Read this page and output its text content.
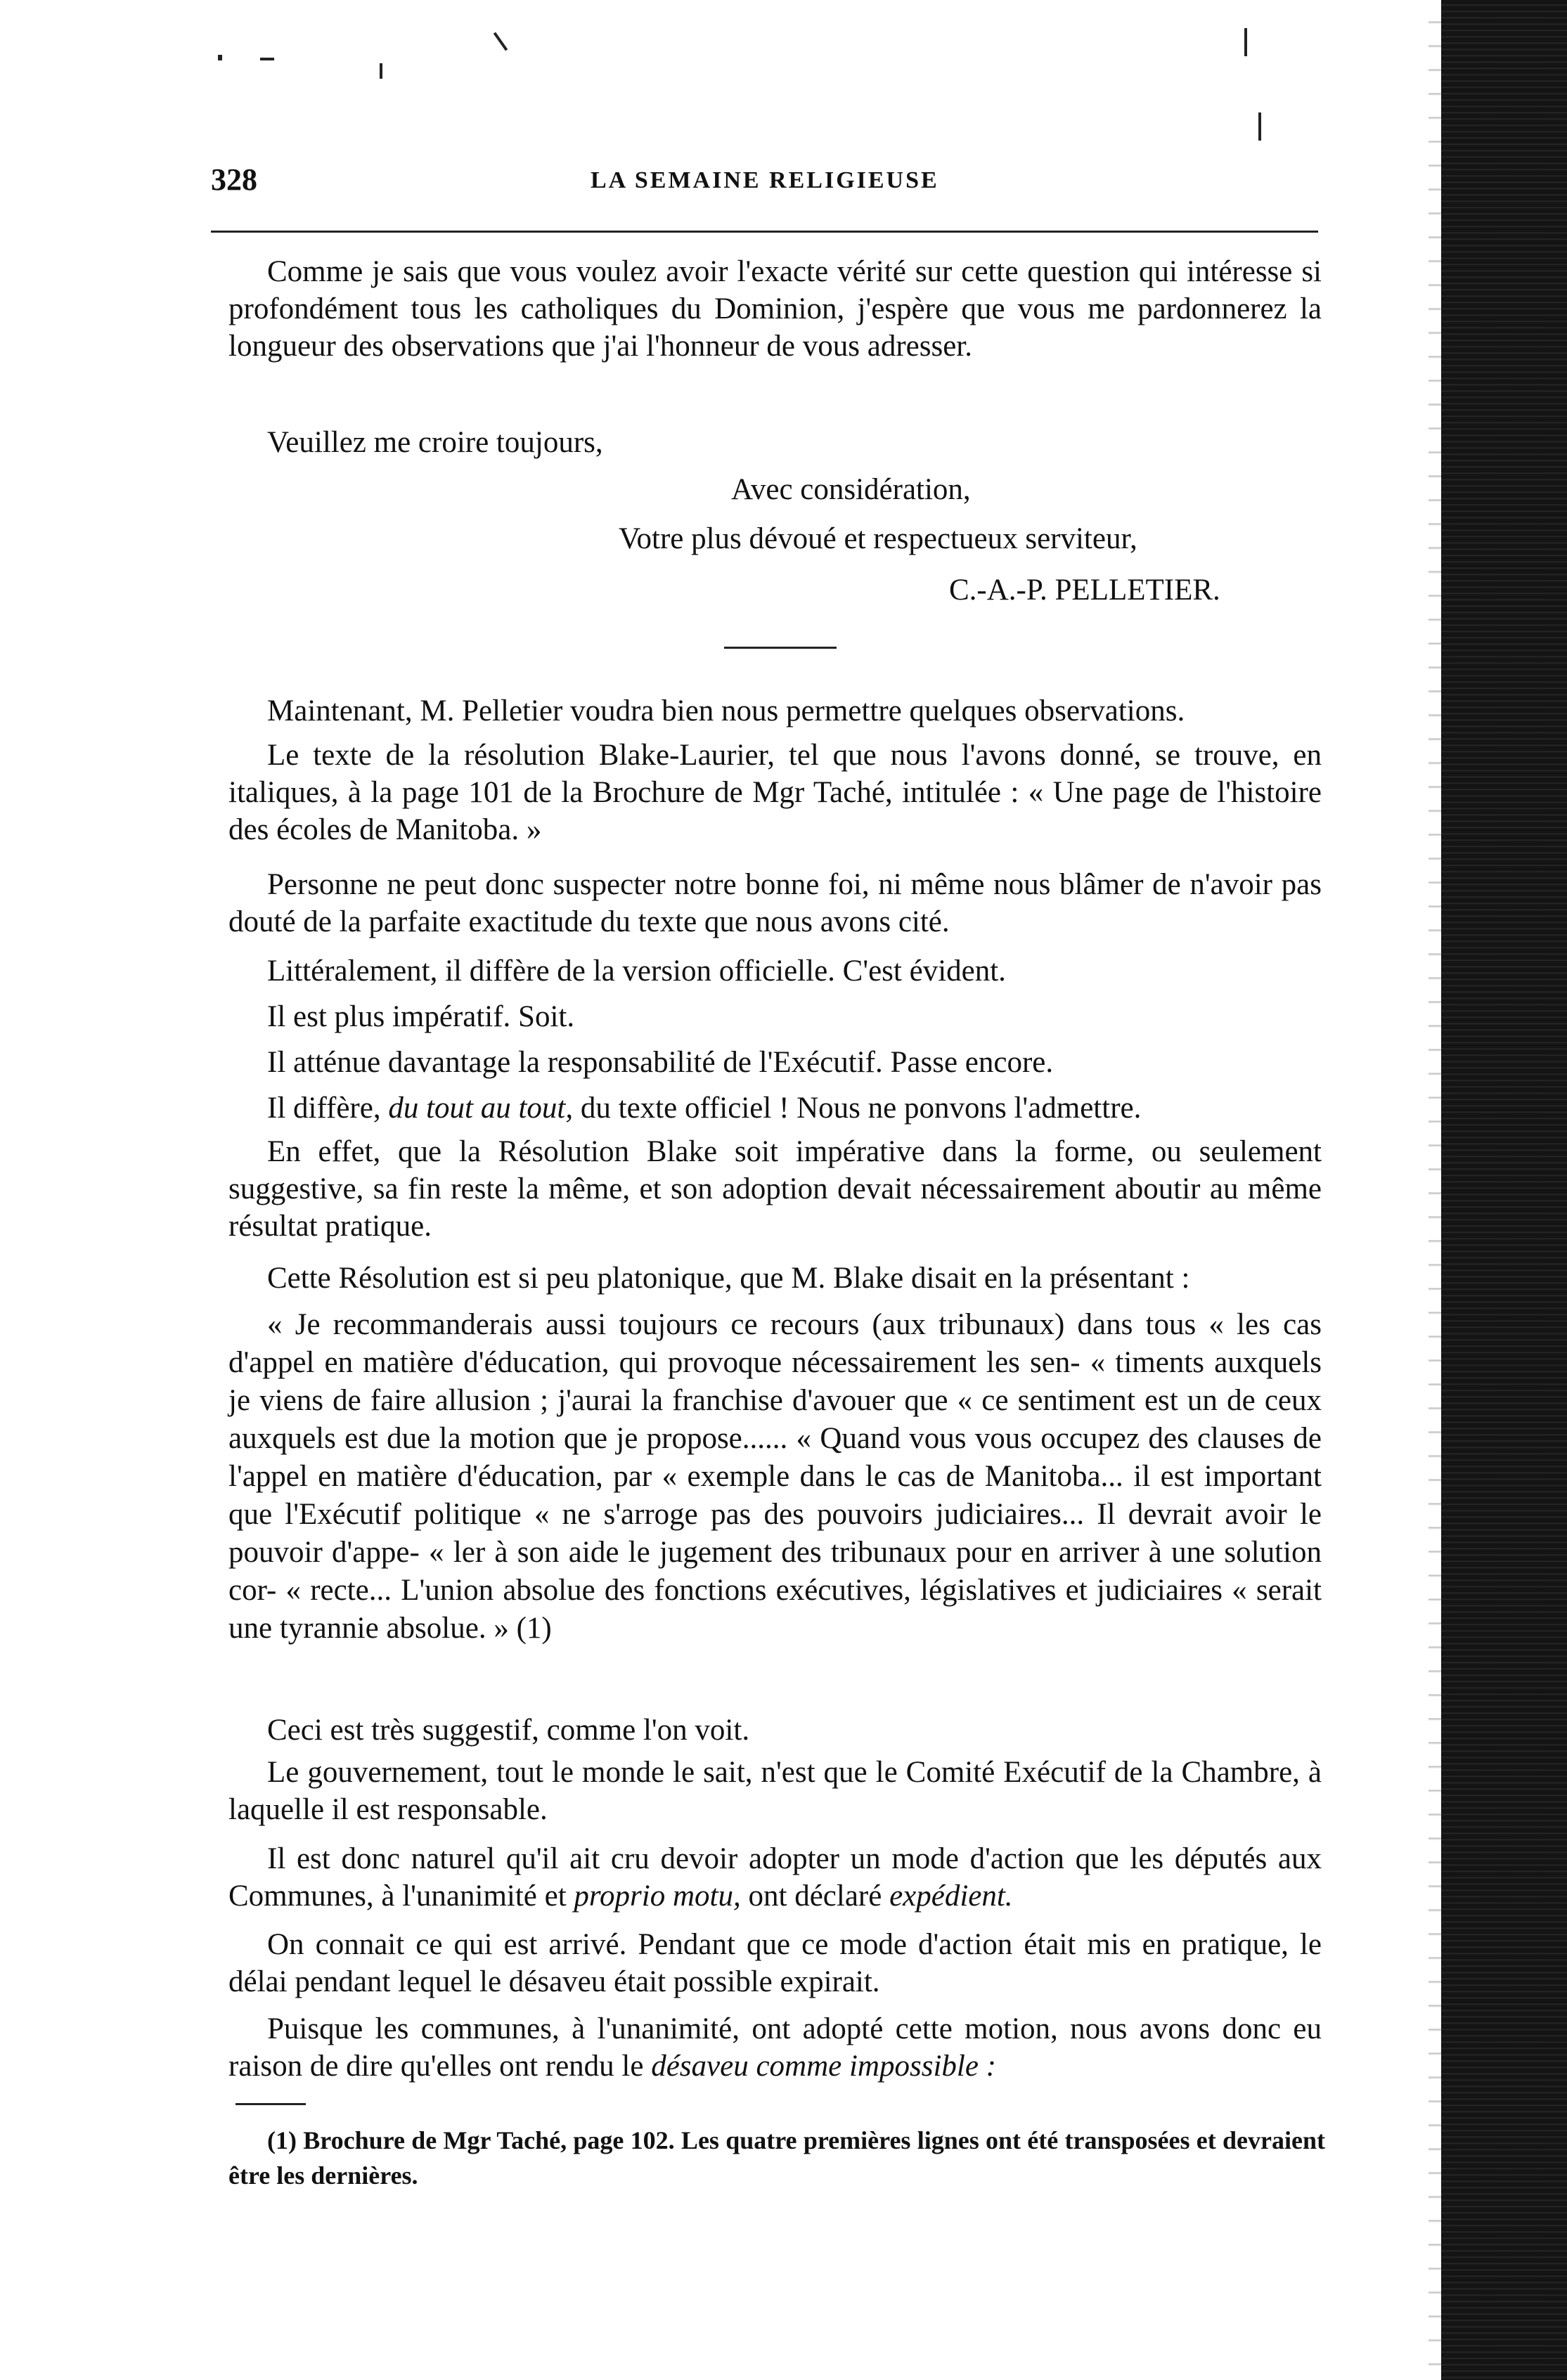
328	LA SEMAINE RELIGIEUSE
Comme je sais que vous voulez avoir l'exacte vérité sur cette question qui intéresse si profondément tous les catholiques du Dominion, j'espère que vous me pardonnerez la longueur des observations que j'ai l'honneur de vous adresser.
Veuillez me croire toujours,
Avec considération,
Votre plus dévoué et respectueux serviteur,
C.-A.-P. PELLETIER.
Maintenant, M. Pelletier voudra bien nous permettre quelques observations.
Le texte de la résolution Blake-Laurier, tel que nous l'avons donné, se trouve, en italiques, à la page 101 de la Brochure de Mgr Taché, intitulée : « Une page de l'histoire des écoles de Manitoba. »
Personne ne peut donc suspecter notre bonne foi, ni même nous blâmer de n'avoir pas douté de la parfaite exactitude du texte que nous avons cité.
Littéralement, il diffère de la version officielle. C'est évident.
Il est plus impératif. Soit.
Il atténue davantage la responsabilité de l'Exécutif. Passe encore.
Il diffère, du tout au tout, du texte officiel ! Nous ne ponvons l'admettre.
En effet, que la Résolution Blake soit impérative dans la forme, ou seulement suggestive, sa fin reste la même, et son adoption devait nécessairement aboutir au même résultat pratique.
Cette Résolution est si peu platonique, que M. Blake disait en la présentant :
« Je recommanderais aussi toujours ce recours (aux tribunaux) dans tous « les cas d'appel en matière d'éducation, qui provoque nécessairement les sen- « timents auxquels je viens de faire allusion ; j'aurai la franchise d'avouer que « ce sentiment est un de ceux auxquels est due la motion que je propose...... « Quand vous vous occupez des clauses de l'appel en matière d'éducation, par « exemple dans le cas de Manitoba... il est important que l'Exécutif politique « ne s'arroge pas des pouvoirs judiciaires... Il devrait avoir le pouvoir d'appe- « ler à son aide le jugement des tribunaux pour en arriver à une solution cor- « recte... L'union absolue des fonctions exécutives, législatives et judiciaires « serait une tyrannie absolue. » (1)
Ceci est très suggestif, comme l'on voit.
Le gouvernement, tout le monde le sait, n'est que le Comité Exécutif de la Chambre, à laquelle il est responsable.
Il est donc naturel qu'il ait cru devoir adopter un mode d'action que les députés aux Communes, à l'unanimité et proprio motu, ont déclaré expédient.
On connait ce qui est arrivé. Pendant que ce mode d'action était mis en pratique, le délai pendant lequel le désaveu était possible expirait.
Puisque les communes, à l'unanimité, ont adopté cette motion, nous avons donc eu raison de dire qu'elles ont rendu le désaveu comme impossible :
(1) Brochure de Mgr Taché, page 102. Les quatre premières lignes ont été transposées et devraient être les dernières.
